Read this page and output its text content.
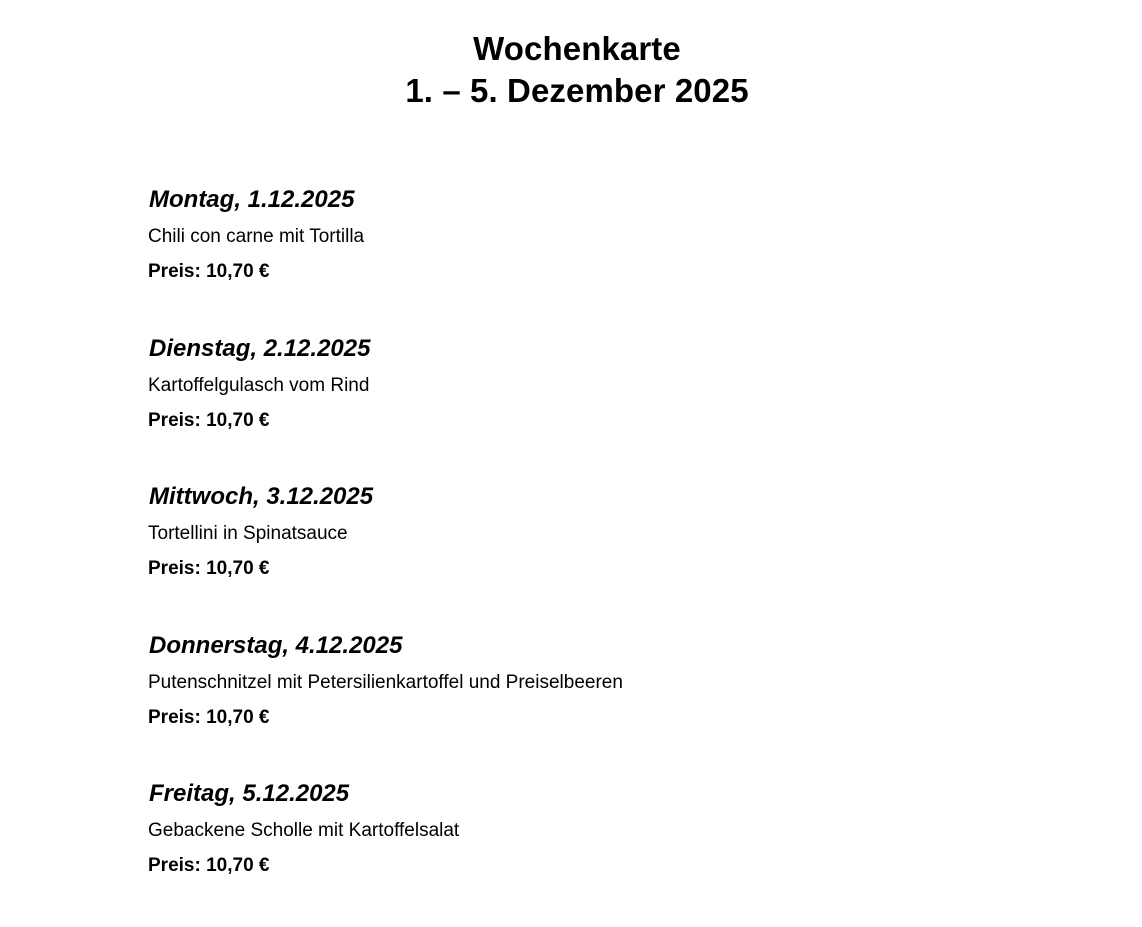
Wochenkarte
1. – 5. Dezember 2025
Montag, 1.12.2025
Chili con carne mit Tortilla
Preis: 10,70 €
Dienstag, 2.12.2025
Kartoffelgulasch vom Rind
Preis: 10,70 €
Mittwoch, 3.12.2025
Tortellini in Spinatsauce
Preis: 10,70 €
Donnerstag, 4.12.2025
Putenschnitzel mit Petersilienkartoffel und Preiselbeeren
Preis: 10,70 €
Freitag, 5.12.2025
Gebackene Scholle mit Kartoffelsalat
Preis: 10,70 €
